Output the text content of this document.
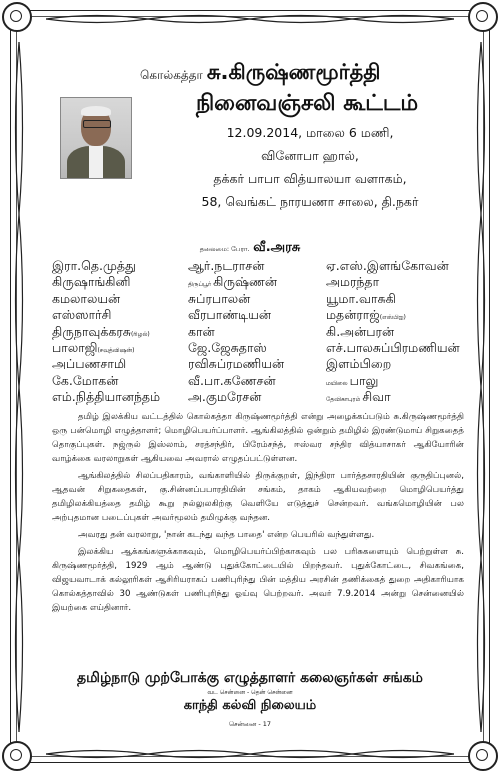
கொல்கத்தா சு.கிருஷ்ணமூர்த்தி
நினைவஞ்சலி கூட்டம்
12.09.2014, மாலை 6 மணி,
வினோபா ஹால்,
தக்கர் பாபா வித்யாலயா வளாகம்,
58, வெங்கட் நாரயணா சாலை, தி.நகர்
தலைமை: பேரா. வீ.அரசு
இரா.தெ.முத்து	ஆர்.நடராசன்	ஏ.எஸ்.இளங்கோவன்
கிருஷாங்கினி	திருப்பூர் கிருஷ்ணன்	அமரந்தா
கமலாலயன்	சுப்ரபாலன்	யூமா.வாசுகி
எஸ்ஸார்சி	வீரபாண்டியன்	மதன்ராஜ்(எஸ்பிஐ)
திருநாவுக்கரசு(ரிழல்)	கான்	கி.அன்பரன்
பாலாஜி(சவுத்விஷன்)	ஜே.ஜேசுதாஸ்	எச்.பாலசுப்பிரமணியன்
அப்பணசாமி	ரவிசுப்ரமணியன்	இளம்பிறை
கே.மோகன்	வீ.பா.கணேசன்	மயிலை பாலு
எம்.நித்தியானந்தம்	அ.குமரேசன்	தேவிகாபுரம் சிவா

தமிழ் இலக்கிய வட்டத்தில் கொல்கத்தா கிருஷ்ணமூர்த்தி என்று அழைக்கப்படும் சு.கிருஷ்ணமூர்த்தி ஒரு பன்மொழி எழுத்தாளர்; மொழிபெயர்ப்பாளர். ஆங்கிலத்தில் ஒன்றும் தமிழில் இரண்டுமாய் சிறுகதைத் தொகுப்புகள். நஜ்ருல் இஸ்லாம், சரத்சந்திர், பிரேம்சந்த், ஈஸ்வர சந்திர வித்யாசாகர் ஆகியோரின் வாழ்க்கை வரலாறுகள் ஆகியவை அவரால் எழுதப்பட்டுள்ளன.

ஆங்கிலத்தில் சிலப்பதிகாரம், வங்காளியில் திருக்குறள், இந்திரா பார்த்தசாரதியின் குருதிப்புனல், ஆதவன் சிறுகதைகள், கு.சின்னப்பபாரதியின் சங்கம், தாகம் ஆகியவற்றை மொழிபெயர்த்து தமிழிலக்கியத்தை தமிழ் கூறு நல்லுலகிற்கு வெளியே எடுத்துச் சென்றவர். வங்கமொழியின் பல அற்புதமான படைப்புகள் அவர்மூலம் தமிழுக்கு வந்தன.

அவரது தன் வரலாறு, 'நான் கடந்து வந்த பாதை' என்ற பெயரில் வந்துள்ளது.

இலக்கிய ஆக்கங்களுக்காகவும், மொழிபெயர்ப்பிற்காகவும் பல பரிசுகளையும் பெற்றுள்ள சு. கிருஷ்ணமூர்த்தி, 1929 ஆம் ஆண்டு புதுக்கோட்டையில் பிறந்தவர். புதுக்கோட்டை, சிவகங்கை, விஜயவாடாக் கல்லூரிகள் ஆசிரியராகப் பணிபுரிந்து பின் மத்திய அரசின் தணிக்கைத் துறை அதிகாரியாக கொல்கத்தாவில் 30 ஆண்டுகள் பணிபுரிந்து ஓய்வு பெற்றவர். அவர் 7.9.2014 அன்று சென்னையில் இயற்கை எய்தினார்.

தமிழ்நாடு முற்போக்கு எழுத்தாளர் கலைஞர்கள் சங்கம்
வட சென்னை - தென் சென்னை
காந்தி கல்வி நிலையம்
சென்னை - 17
